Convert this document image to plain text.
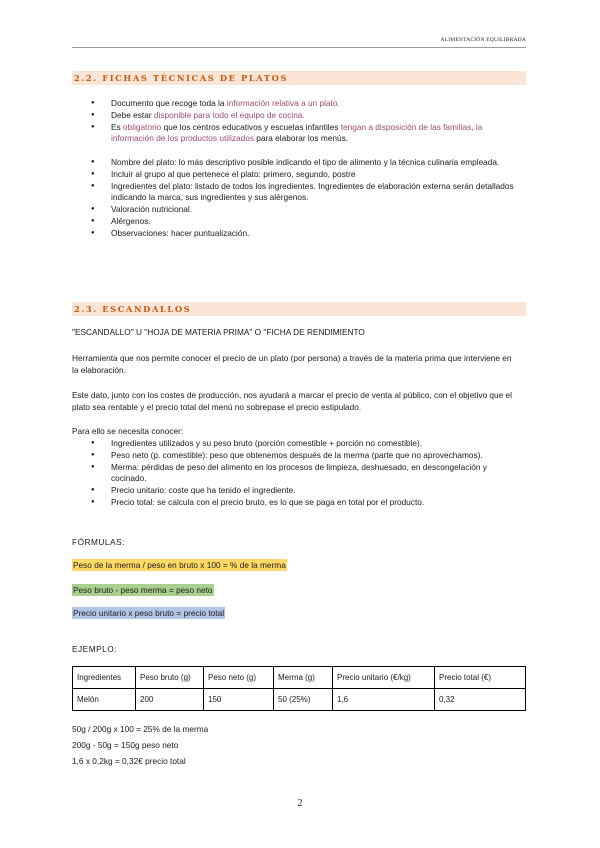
ALIMENTACIÓN EQUILIBRADA
2.2. FICHAS TÉCNICAS DE PLATOS
● Documento que recoge toda la información relativa a un plato.
● Debe estar disponible para todo el equipo de cocina.
● Es obligatorio que los centros educativos y escuelas infantiles tengan a disposición de las familias, la información de los productos utilizados para elaborar los menús.
● Nombre del plato: lo más descriptivo posible indicando el tipo de alimento y la técnica culinaria empleada.
● Incluir al grupo al que pertenece el plato: primero, segundo, postre
● Ingredientes del plato: listado de todos los ingredientes. Ingredientes de elaboración externa serán detallados indicando la marca, sus ingredientes y sus alérgenos.
● Valoración nutricional.
● Alérgenos.
● Observaciones: hacer puntualización.
2.3. ESCANDALLOS

"ESCANDALLO" U "HOJA DE MATERIA PRIMA" O "FICHA DE RENDIMIENTO

Herramienta que nos permite conocer el precio de un plato (por persona) a través de la materia prima que interviene en la elaboración.

Este dato, junto con los costes de producción, nos ayudará a marcar el precio de venta al público, con el objetivo que el plato sea rentable y el precio total del menú no sobrepase el precio estipulado.

Para ello se necesita conocer:

● Ingredientes utilizados y su peso bruto (porción comestible + porción no comestible).
● Peso neto (p. comestible): peso que obtenemos después de la merma (parte que no aprovechamos).
● Merma: pérdidas de peso del alimento en los procesos de limpieza, deshuesado, en descongelación y cocinado.
● Precio unitario: coste que ha tenido el ingrediente.
● Precio total: se calcula con el precio bruto, es lo que se paga en total por el producto.

FÓRMULAS:

Peso de la merma / peso en bruto x 100 = % de la merma
Peso bruto - peso merma = peso neto
Precio unitario x peso bruto = precio total

EJEMPLO:

Ingredientes	Peso bruto (g)	Peso neto (g)	Merma (g)	Precio unitario (€/kg)	Precio total (€)
Melón	200	150	50 (25%)	1,6	0,32

50g / 200g x 100 = 25% de la merma

200g - 50g = 150g peso neto

1,6 x 0,2kg = 0,32€ precio total

2
